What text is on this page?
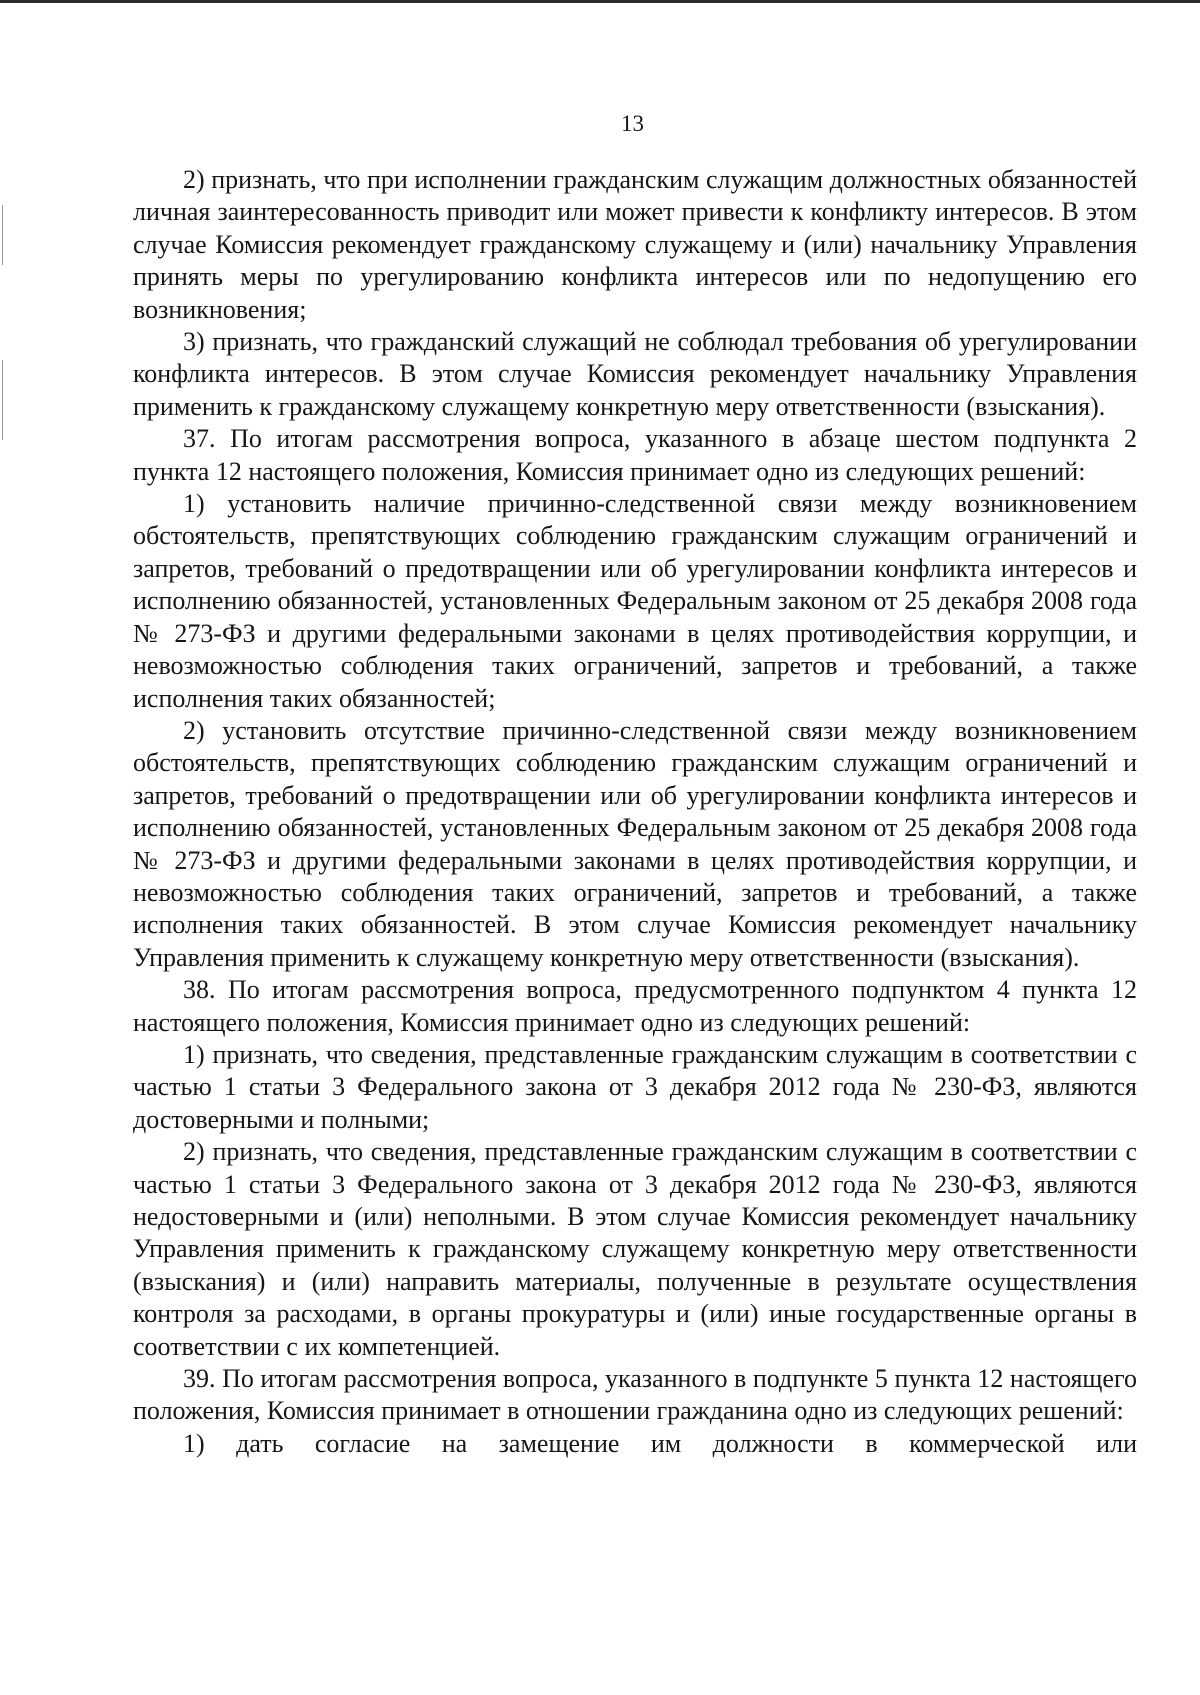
13

2) признать, что при исполнении гражданским служащим должностных обязанностей личная заинтересованность приводит или может привести к конфликту интересов. В этом случае Комиссия рекомендует гражданскому служащему и (или) начальнику Управления принять меры по урегулированию конфликта интересов или по недопущению его возникновения;

3) признать, что гражданский служащий не соблюдал требования об урегулировании конфликта интересов. В этом случае Комиссия рекомендует начальнику Управления применить к гражданскому служащему конкретную меру ответственности (взыскания).

37. По итогам рассмотрения вопроса, указанного в абзаце шестом подпункта 2 пункта 12 настоящего положения, Комиссия принимает одно из следующих решений:

1) установить наличие причинно-следственной связи между возникновением обстоятельств, препятствующих соблюдению гражданским служащим ограничений и запретов, требований о предотвращении или об урегулировании конфликта интересов и исполнению обязанностей, установленных Федеральным законом от 25 декабря 2008 года № 273-ФЗ и другими федеральными законами в целях противодействия коррупции, и невозможностью соблюдения таких ограничений, запретов и требований, а также исполнения таких обязанностей;

2) установить отсутствие причинно-следственной связи между возникновением обстоятельств, препятствующих соблюдению гражданским служащим ограничений и запретов, требований о предотвращении или об урегулировании конфликта интересов и исполнению обязанностей, установленных Федеральным законом от 25 декабря 2008 года № 273-ФЗ и другими федеральными законами в целях противодействия коррупции, и невозможностью соблюдения таких ограничений, запретов и требований, а также исполнения таких обязанностей. В этом случае Комиссия рекомендует начальнику Управления применить к служащему конкретную меру ответственности (взыскания).

38. По итогам рассмотрения вопроса, предусмотренного подпунктом 4 пункта 12 настоящего положения, Комиссия принимает одно из следующих решений:

1) признать, что сведения, представленные гражданским служащим в соответствии с частью 1 статьи 3 Федерального закона от 3 декабря 2012 года № 230-ФЗ, являются достоверными и полными;

2) признать, что сведения, представленные гражданским служащим в соответствии с частью 1 статьи 3 Федерального закона от 3 декабря 2012 года № 230-ФЗ, являются недостоверными и (или) неполными. В этом случае Комиссия рекомендует начальнику Управления применить к гражданскому служащему конкретную меру ответственности (взыскания) и (или) направить материалы, полученные в результате осуществления контроля за расходами, в органы прокуратуры и (или) иные государственные органы в соответствии с их компетенцией.

39. По итогам рассмотрения вопроса, указанного в подпункте 5 пункта 12 настоящего положения, Комиссия принимает в отношении гражданина одно из следующих решений:

1) дать согласие на замещение им должности в коммерческой или
